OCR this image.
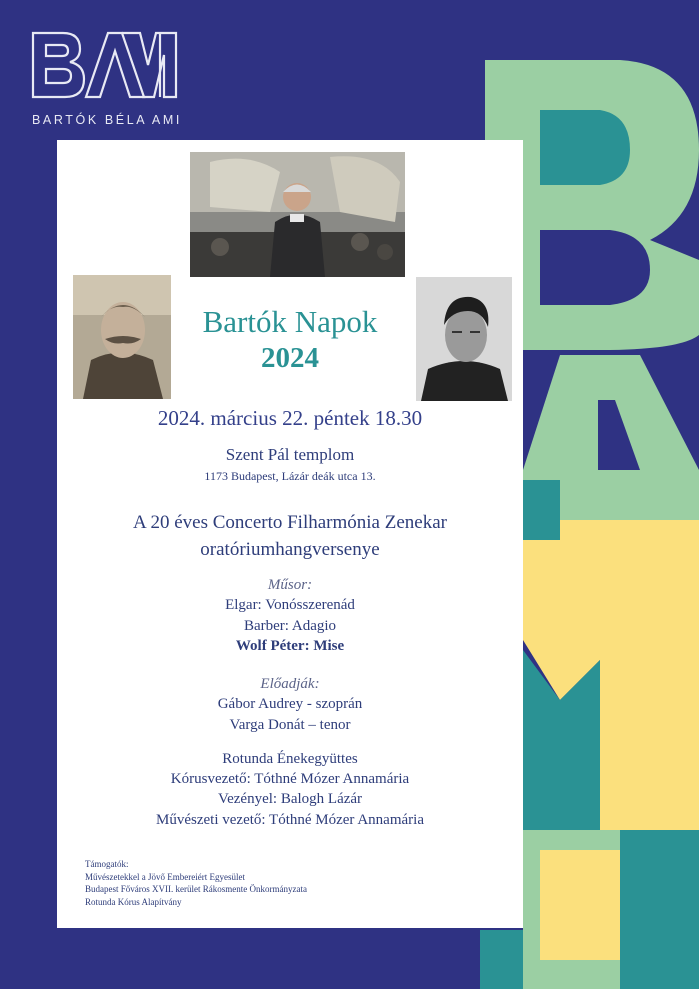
BARTÓK BÉLA AMI
Bartók Napok
2024
2024. március 22. péntek 18.30
Szent Pál templom
1173 Budapest, Lázár deák utca 13.
A 20 éves Concerto Filharmónia Zenekar
oratóriumhangversenye
Műsor:
Elgar: Vonósszerenád
Barber: Adagio
Wolf Péter: Mise
Előadják:
Gábor Audrey - szoprán
Varga Donát – tenor
Rotunda Énekegyüttes
Kórusvezető: Tóthné Mózer Annamária
Vezényel: Balogh Lázár
Művészeti vezető: Tóthné Mózer Annamária
Támogatók:
Művészetekkel a Jövő Embereiért Egyesület
Budapest Főváros XVII. kerület Rákosmente Önkormányzata
Rotunda Kórus Alapítvány
